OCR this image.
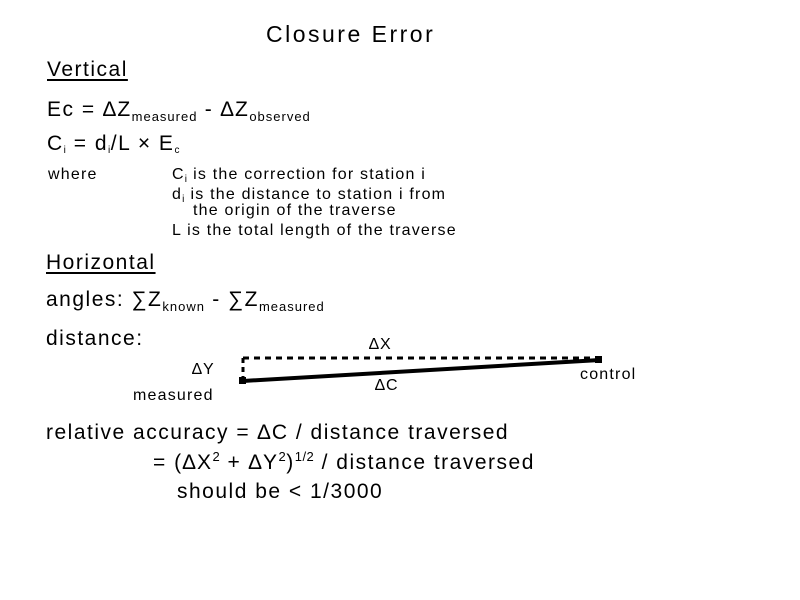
Closure Error
Vertical
$Ec = \Delta Z_{measured} - \Delta Z_{observed}$
Ci = di/L × Ec
where	Ci is the correction for station i
di is the distance to station i from
the origin of the traverse
L is the total length of the traverse
Horizontal
angles: $\sum Z_{known} - \sum Z_{measured}$
distance:	∆X
∆Y
∆C
measured
control
relative accuracy = ∆C / distance traversed
= $(\Delta X^2 + \Delta Y^2)^{1/2}$ / distance traversed
should be < 1/3000
